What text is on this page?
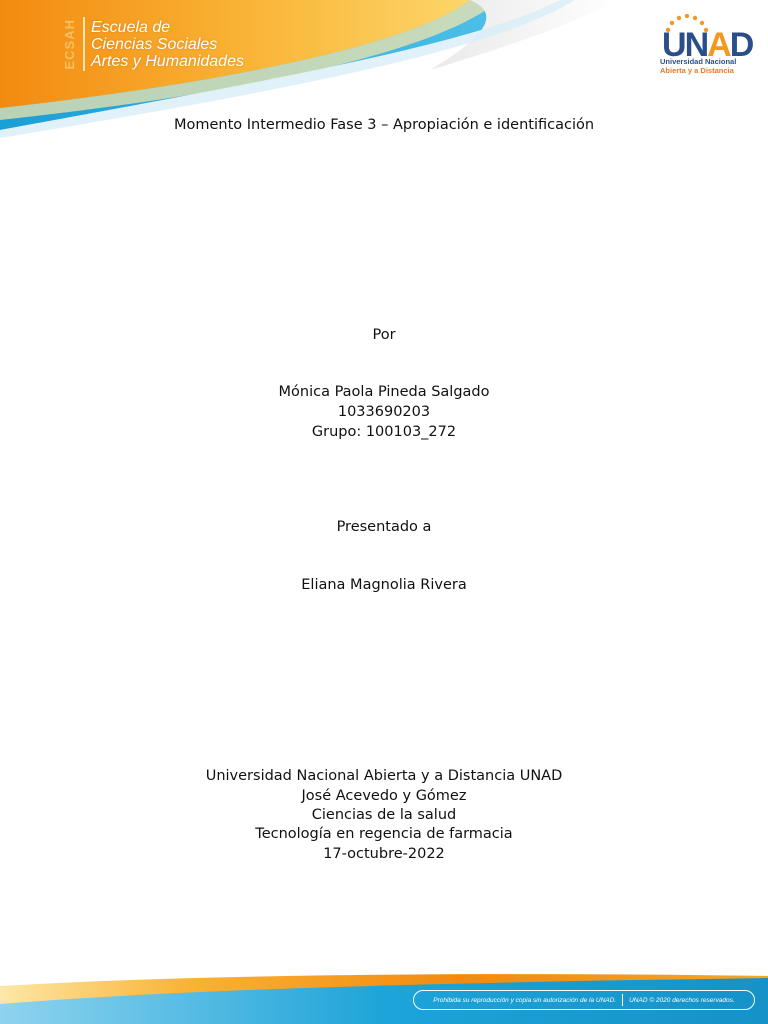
ECSAH Escuela de
Ciencias Sociales
Artes y Humanidades	UNAD
Universidad Nacional
Abierta y a Distancia
Momento Intermedio Fase 3 – Apropiación e identificación
Por
Mónica Paola Pineda Salgado
1033690203
Grupo: 100103_272
Presentado a
Eliana Magnolia Rivera
Universidad Nacional Abierta y a Distancia UNAD
José Acevedo y Gómez
Ciencias de la salud
Tecnología en regencia de farmacia
17-octubre-2022
Prohibida su reproducción y copia sin autorización de la UNAD. UNAD © 2020 derechos reservados.
